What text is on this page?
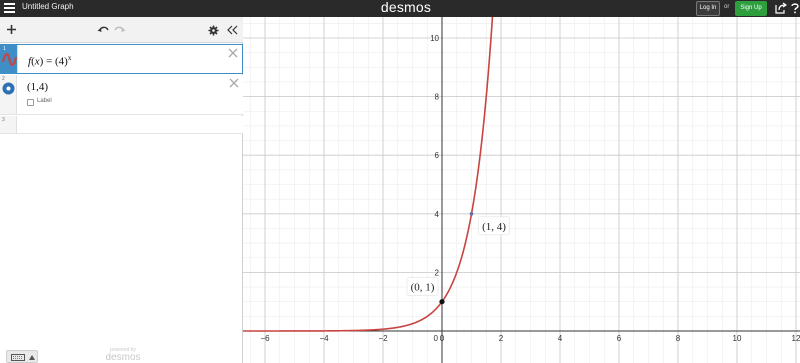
Untitled Graph	desmos	Log In	or	Sign Up
1
$f(x) = (4)^x$
2
(1,4)
Label
3
powered by
desmos
−6	−4	−2	0	2	4	6	8	10	12
2
4
6
8
10
0
(0, 1)
(1, 4)
